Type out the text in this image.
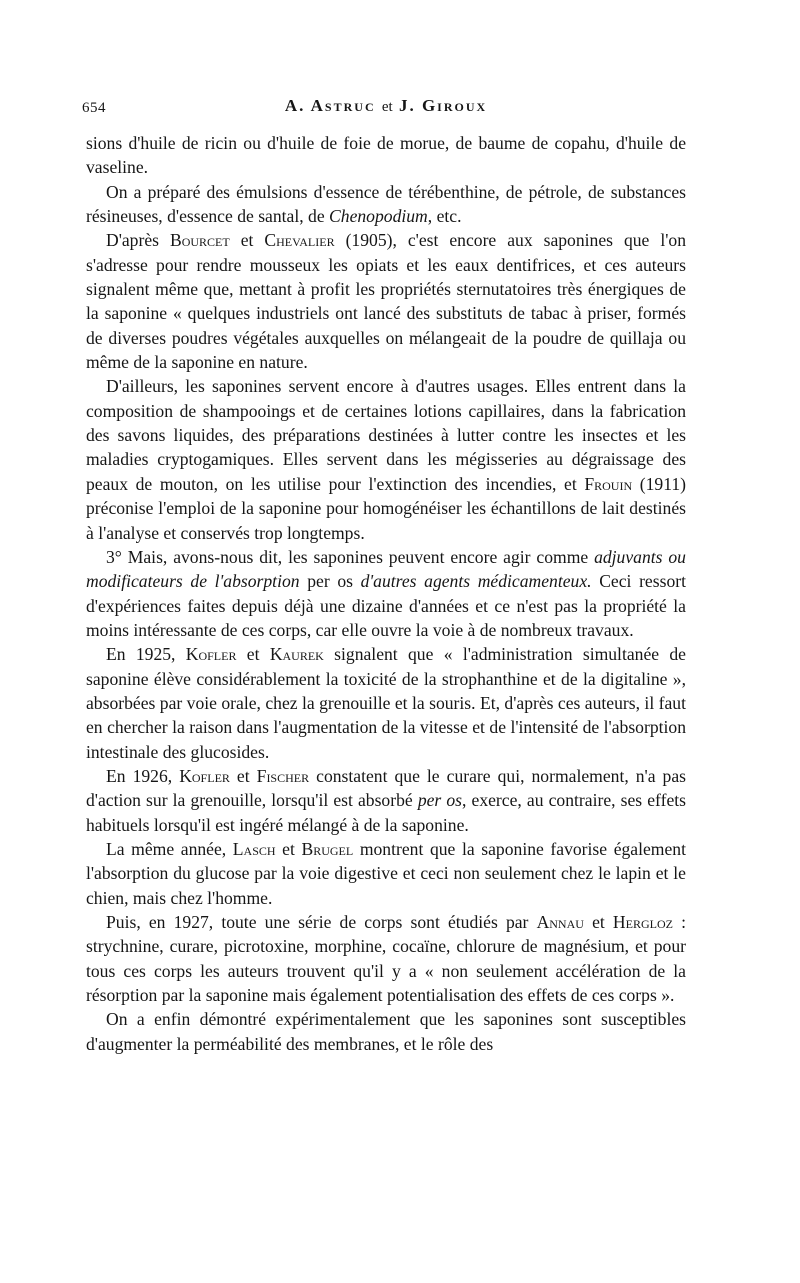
654	A. Astruc et J. Giroux

sions d'huile de ricin ou d'huile de foie de morue, de baume de copahu, d'huile de vaseline.

On a préparé des émulsions d'essence de térébenthine, de pétrole, de substances résineuses, d'essence de santal, de Chenopodium, etc.

D'après Bourcet et Chevalier (1905), c'est encore aux saponines que l'on s'adresse pour rendre mousseux les opiats et les eaux dentifrices, et ces auteurs signalent même que, mettant à profit les propriétés sternutatoires très énergiques de la saponine « quelques industriels ont lancé des substituts de tabac à priser, formés de diverses poudres végétales auxquelles on mélangeait de la poudre de quillaja ou même de la saponine en nature.

D'ailleurs, les saponines servent encore à d'autres usages. Elles entrent dans la composition de shampooings et de certaines lotions capillaires, dans la fabrication des savons liquides, des préparations destinées à lutter contre les insectes et les maladies cryptogamiques. Elles servent dans les mégisseries au dégraissage des peaux de mouton, on les utilise pour l'extinction des incendies, et Frouin (1911) préconise l'emploi de la saponine pour homogénéiser les échantillons de lait destinés à l'analyse et conservés trop longtemps.

3° Mais, avons-nous dit, les saponines peuvent encore agir comme adjuvants ou modificateurs de l'absorption per os d'autres agents médicamenteux. Ceci ressort d'expériences faites depuis déjà une dizaine d'années et ce n'est pas la propriété la moins intéressante de ces corps, car elle ouvre la voie à de nombreux travaux.

En 1925, Kofler et Kaurek signalent que « l'administration simultanée de saponine élève considérablement la toxicité de la strophanthine et de la digitaline », absorbées par voie orale, chez la grenouille et la souris. Et, d'après ces auteurs, il faut en chercher la raison dans l'augmentation de la vitesse et de l'intensité de l'absorption intestinale des glucosides.

En 1926, Kofler et Fischer constatent que le curare qui, normalement, n'a pas d'action sur la grenouille, lorsqu'il est absorbé per os, exerce, au contraire, ses effets habituels lorsqu'il est ingéré mélangé à de la saponine.

La même année, Lasch et Brugel montrent que la saponine favorise également l'absorption du glucose par la voie digestive et ceci non seulement chez le lapin et le chien, mais chez l'homme.

Puis, en 1927, toute une série de corps sont étudiés par Annau et Hergloz : strychnine, curare, picrotoxine, morphine, cocaïne, chlorure de magnésium, et pour tous ces corps les auteurs trouvent qu'il y a « non seulement accélération de la résorption par la saponine mais également potentialisation des effets de ces corps ».

On a enfin démontré expérimentalement que les saponines sont susceptibles d'augmenter la perméabilité des membranes, et le rôle des
